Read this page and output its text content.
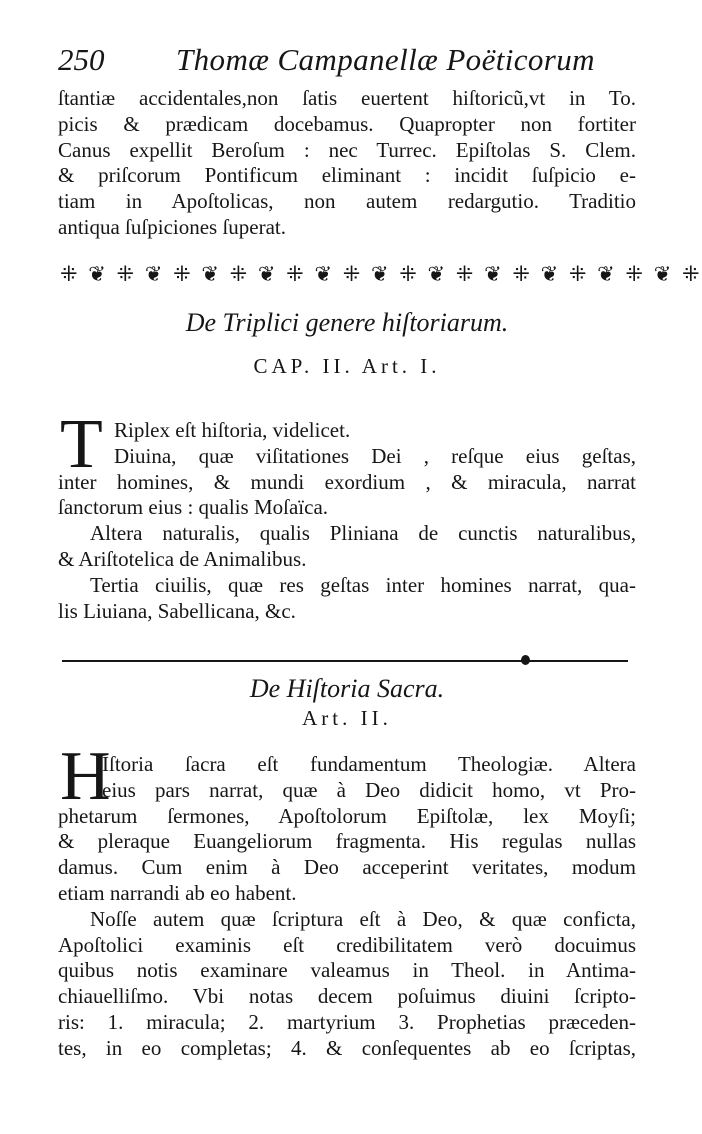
250 Thomæ Campanellæ Poëticorum
ſtantiæ accidentales,non ſatis euertent hiſtoricũ,vt in To.
picis & prædicam docebamus. Quapropter non fortiter
Canus expellit Beroſum : nec Turrec. Epiſtolas S. Clem.
& priſcorum Pontificum eliminant : incidit ſuſpicio e-
tiam in Apoſtolicas, non autem redargutio. Traditio
antiqua ſuſpiciones ſuperat.
⁜ ❦ ⁜ ❦ ⁜ ❦ ⁜ ❦ ⁜ ❦ ⁜ ❦ ⁜ ❦ ⁜ ❦ ⁜ ❦ ⁜ ❦ ⁜ ❦ ⁜
De Triplici genere hiſtoriarum.
CAP. II. Art. I.
T Riplex eſt hiſtoria, videlicet.
Diuina, quæ viſitationes Dei , reſque eius geſtas,
inter homines, & mundi exordium , & miracula, narrat
ſanctorum eius : qualis Moſaïca.
Altera naturalis, qualis Pliniana de cunctis naturalibus,
& Ariſtotelica de Animalibus.
Tertia ciuilis, quæ res geſtas inter homines narrat, qua-
lis Liuiana, Sabellicana, &c.
De Hiſtoria Sacra.
Art. II.
H
Iſtoria ſacra eſt fundamentum Theologiæ. Altera
eius pars narrat, quæ à Deo didicit homo, vt Pro-
phetarum ſermones, Apoſtolorum Epiſtolæ, lex Moyſi;
& pleraque Euangeliorum fragmenta. His regulas nullas
damus. Cum enim à Deo acceperint veritates, modum
etiam narrandi ab eo habent.
Noſſe autem quæ ſcriptura eſt à Deo, & quæ conficta,
Apoſtolici examinis eſt credibilitatem verò docuimus
quibus notis examinare valeamus in Theol. in Antima-
chiauelliſmo. Vbi notas decem poſuimus diuini ſcripto-
ris: 1. miracula; 2. martyrium 3. Prophetias præceden-
tes, in eo completas; 4. & conſequentes ab eo ſcriptas,
